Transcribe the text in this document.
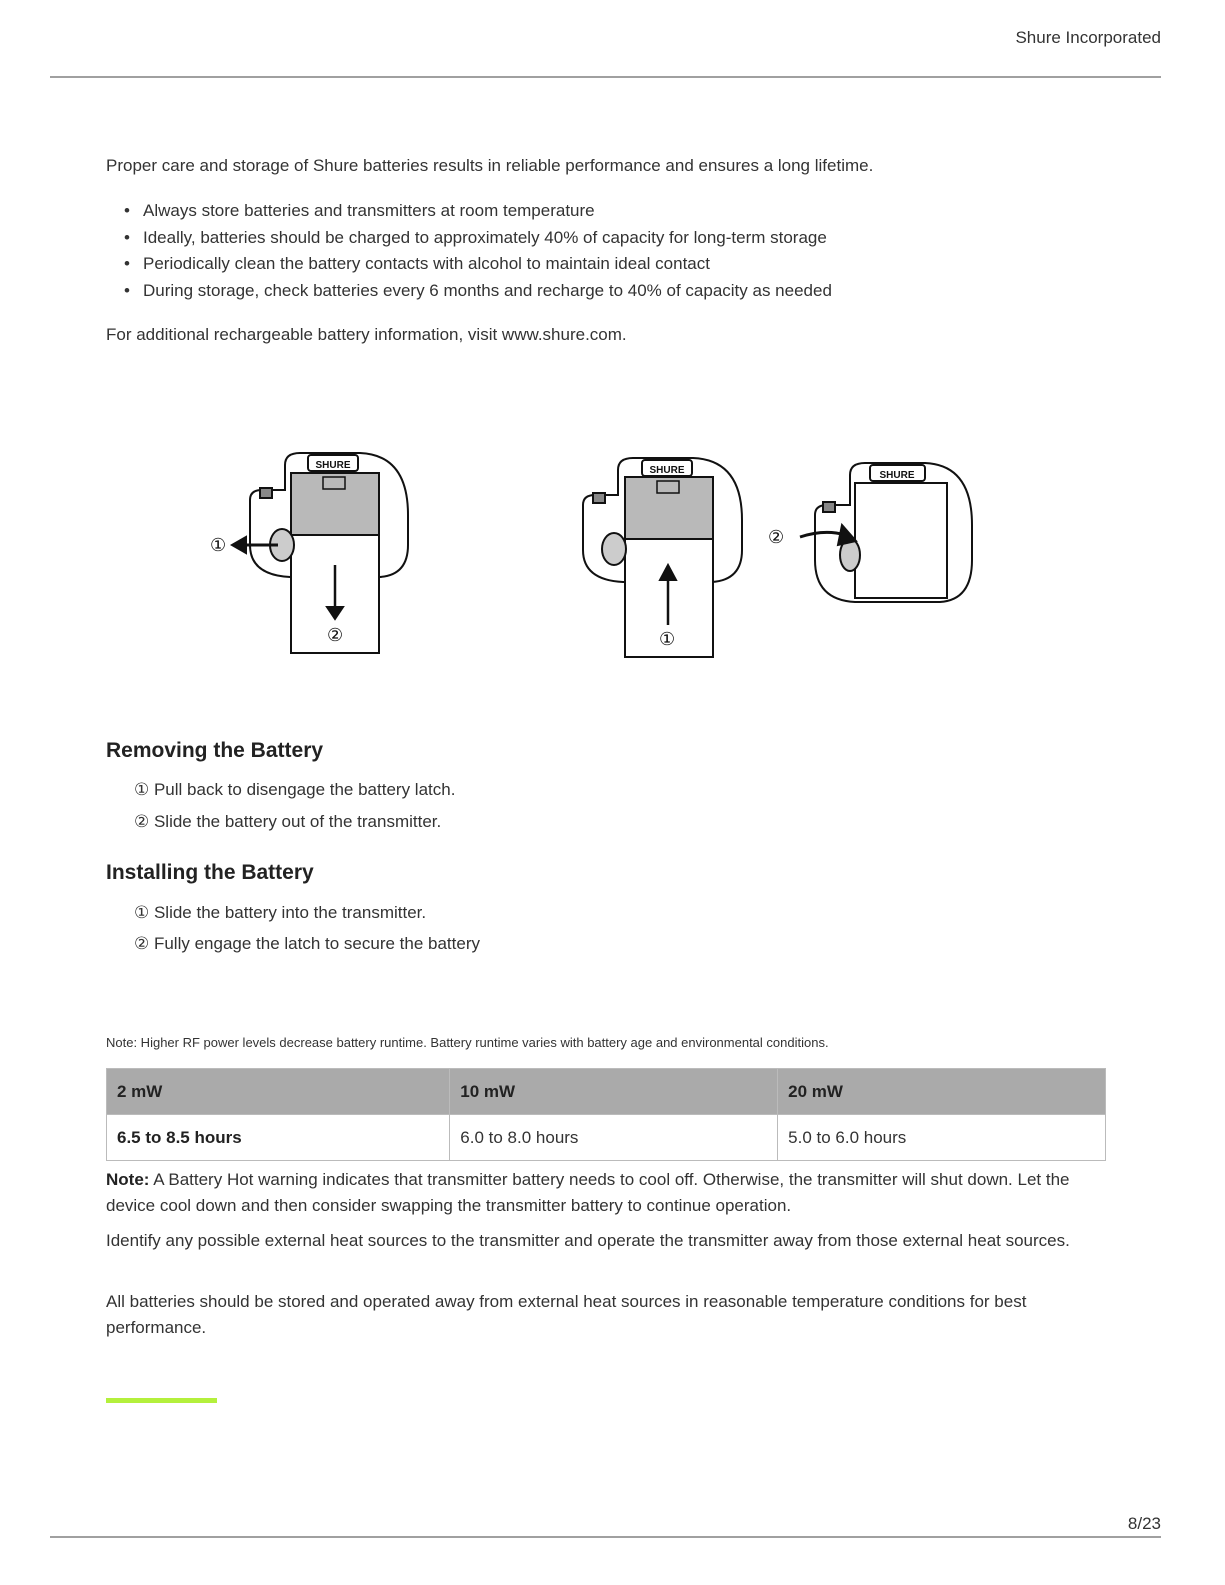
Shure Incorporated

Proper care and storage of Shure batteries results in reliable performance and ensures a long lifetime.

• Always store batteries and transmitters at room temperature
• Ideally, batteries should be charged to approximately 40% of capacity for long-term storage
• Periodically clean the battery contacts with alcohol to maintain ideal contact
• During storage, check batteries every 6 months and recharge to 40% of capacity as needed

For additional rechargeable battery information, visit www.shure.com.

SHURE
①
②
SHURE
①
SHURE
②
Removing the Battery
① Pull back to disengage the battery latch.
② Slide the battery out of the transmitter.
Installing the Battery
① Slide the battery into the transmitter.
② Fully engage the latch to secure the battery
Note: Higher RF power levels decrease battery runtime. Battery runtime varies with battery age and environmental conditions.
2 mW	10 mW	20 mW
6.5 to 8.5 hours	6.0 to 8.0 hours	5.0 to 6.0 hours

Note: A Battery Hot warning indicates that transmitter battery needs to cool off. Otherwise, the transmitter will shut down. Let the device cool down and then consider swapping the transmitter battery to continue operation.

Identify any possible external heat sources to the transmitter and operate the transmitter away from those external heat sources.

All batteries should be stored and operated away from external heat sources in reasonable temperature conditions for best performance.

8/23
